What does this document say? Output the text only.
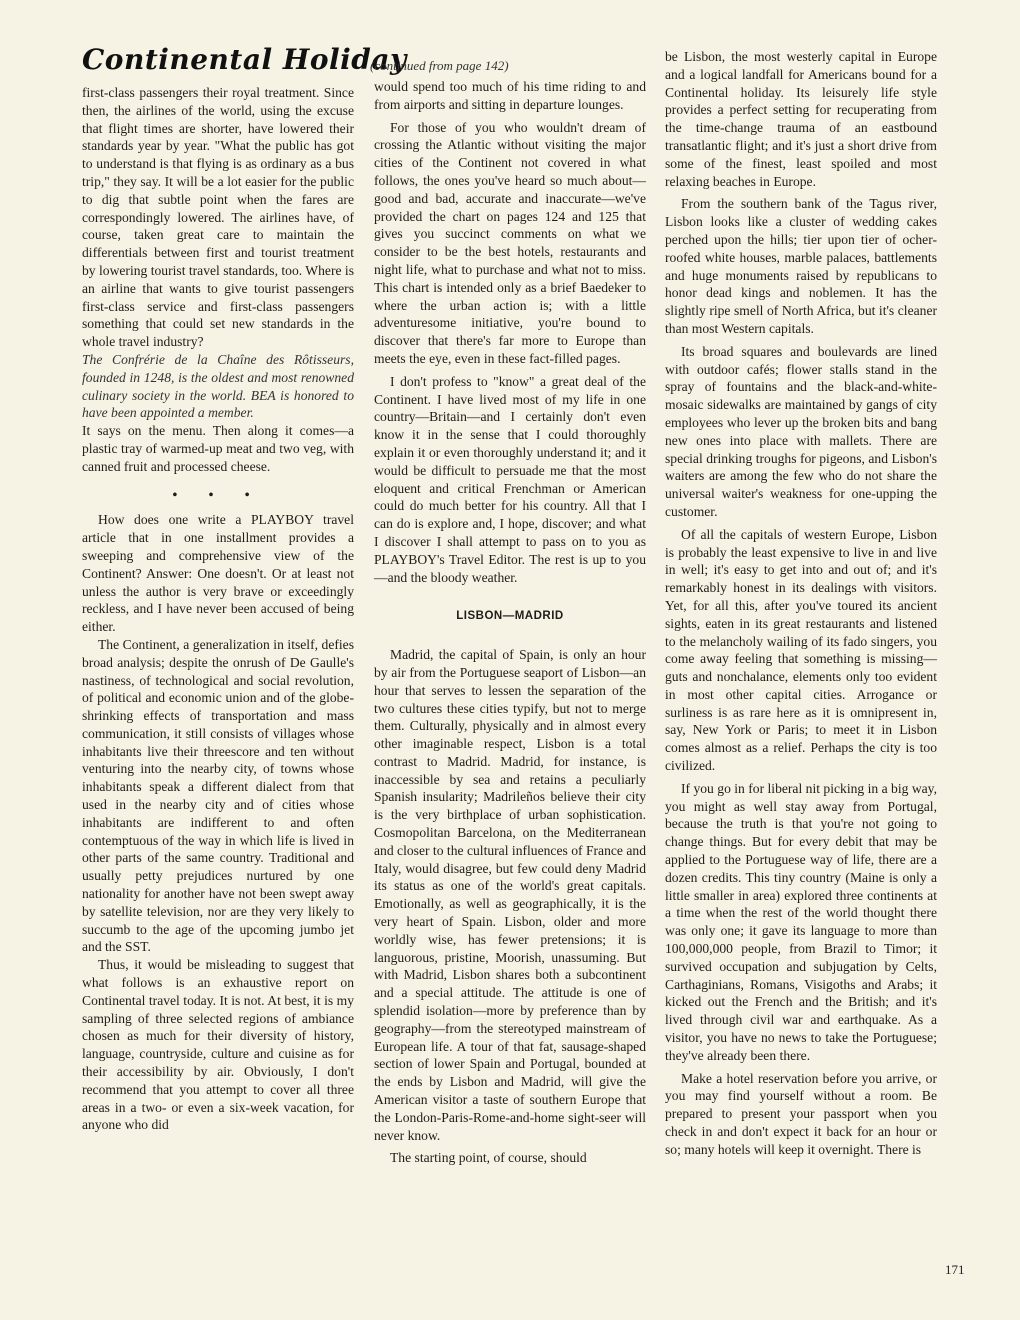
Continental Holiday
(continued from page 142)

first-class passengers their royal treatment. Since then, the airlines of the world, using the excuse that flight times are shorter, have lowered their standards year by year. "What the public has got to understand is that flying is as ordinary as a bus trip," they say. It will be a lot easier for the public to dig that subtle point when the fares are correspondingly lowered. The airlines have, of course, taken great care to maintain the differentials between first and tourist treatment by lowering tourist travel standards, too. Where is an airline that wants to give tourist passengers first-class service and first-class passengers something that could set new standards in the whole travel industry?

The Confrérie de la Chaîne des Rôtisseurs, founded in 1248, is the oldest and most renowned culinary society in the world. BEA is honored to have been appointed a member.

It says on the menu. Then along it comes—a plastic tray of warmed-up meat and two veg, with canned fruit and processed cheese.

• • •

How does one write a PLAYBOY travel article that in one installment provides a sweeping and comprehensive view of the Continent? Answer: One doesn't. Or at least not unless the author is very brave or exceedingly reckless, and I have never been accused of being either.

The Continent, a generalization in itself, defies broad analysis; despite the onrush of De Gaulle's nastiness, of technological and social revolution, of political and economic union and of the globe-shrinking effects of transportation and mass communication, it still consists of villages whose inhabitants live their threescore and ten without venturing into the nearby city, of towns whose inhabitants speak a different dialect from that used in the nearby city and of cities whose inhabitants are indifferent to and often contemptuous of the way in which life is lived in other parts of the same country. Traditional and usually petty prejudices nurtured by one nationality for another have not been swept away by satellite television, nor are they very likely to succumb to the age of the upcoming jumbo jet and the SST.

Thus, it would be misleading to suggest that what follows is an exhaustive report on Continental travel today. It is not. At best, it is my sampling of three selected regions of ambiance chosen as much for their diversity of history, language, countryside, culture and cuisine as for their accessibility by air. Obviously, I don't recommend that you attempt to cover all three areas in a two- or even a six-week vacation, for anyone who did

would spend too much of his time riding to and from airports and sitting in departure lounges.

For those of you who wouldn't dream of crossing the Atlantic without visiting the major cities of the Continent not covered in what follows, the ones you've heard so much about—good and bad, accurate and inaccurate—we've provided the chart on pages 124 and 125 that gives you succinct comments on what we consider to be the best hotels, restaurants and night life, what to purchase and what not to miss. This chart is intended only as a brief Baedeker to where the urban action is; with a little adventuresome initiative, you're bound to discover that there's far more to Europe than meets the eye, even in these fact-filled pages.

I don't profess to "know" a great deal of the Continent. I have lived most of my life in one country—Britain—and I certainly don't even know it in the sense that I could thoroughly explain it or even thoroughly understand it; and it would be difficult to persuade me that the most eloquent and critical Frenchman or American could do much better for his country. All that I can do is explore and, I hope, discover; and what I discover I shall attempt to pass on to you as PLAYBOY's Travel Editor. The rest is up to you—and the bloody weather.

LISBON—MADRID

Madrid, the capital of Spain, is only an hour by air from the Portuguese seaport of Lisbon—an hour that serves to lessen the separation of the two cultures these cities typify, but not to merge them. Culturally, physically and in almost every other imaginable respect, Lisbon is a total contrast to Madrid. Madrid, for instance, is inaccessible by sea and retains a peculiarly Spanish insularity; Madrileños believe their city is the very birthplace of urban sophistication. Cosmopolitan Barcelona, on the Mediterranean and closer to the cultural influences of France and Italy, would disagree, but few could deny Madrid its status as one of the world's great capitals. Emotionally, as well as geographically, it is the very heart of Spain. Lisbon, older and more worldly wise, has fewer pretensions; it is languorous, pristine, Moorish, unassuming. But with Madrid, Lisbon shares both a subcontinent and a special attitude. The attitude is one of splendid isolation—more by preference than by geography—from the stereotyped mainstream of European life. A tour of that fat, sausage-shaped section of lower Spain and Portugal, bounded at the ends by Lisbon and Madrid, will give the American visitor a taste of southern Europe that the London-Paris-Rome-and-home sight-seer will never know.

The starting point, of course, should

be Lisbon, the most westerly capital in Europe and a logical landfall for Americans bound for a Continental holiday. Its leisurely life style provides a perfect setting for recuperating from the time-change trauma of an eastbound transatlantic flight; and it's just a short drive from some of the finest, least spoiled and most relaxing beaches in Europe.

From the southern bank of the Tagus river, Lisbon looks like a cluster of wedding cakes perched upon the hills; tier upon tier of ocher-roofed white houses, marble palaces, battlements and huge monuments raised by republicans to honor dead kings and noblemen. It has the slightly ripe smell of North Africa, but it's cleaner than most Western capitals.

Its broad squares and boulevards are lined with outdoor cafés; flower stalls stand in the spray of fountains and the black-and-white-mosaic sidewalks are maintained by gangs of city employees who lever up the broken bits and bang new ones into place with mallets. There are special drinking troughs for pigeons, and Lisbon's waiters are among the few who do not share the universal waiter's weakness for one-upping the customer.

Of all the capitals of western Europe, Lisbon is probably the least expensive to live in and live in well; it's easy to get into and out of; and it's remarkably honest in its dealings with visitors. Yet, for all this, after you've toured its ancient sights, eaten in its great restaurants and listened to the melancholy wailing of its fado singers, you come away feeling that something is missing—guts and nonchalance, elements only too evident in most other capital cities. Arrogance or surliness is as rare here as it is omnipresent in, say, New York or Paris; to meet it in Lisbon comes almost as a relief. Perhaps the city is too civilized.

If you go in for liberal nit picking in a big way, you might as well stay away from Portugal, because the truth is that you're not going to change things. But for every debit that may be applied to the Portuguese way of life, there are a dozen credits. This tiny country (Maine is only a little smaller in area) explored three continents at a time when the rest of the world thought there was only one; it gave its language to more than 100,000,000 people, from Brazil to Timor; it survived occupation and subjugation by Celts, Carthaginians, Romans, Visigoths and Arabs; it kicked out the French and the British; and it's lived through civil war and earthquake. As a visitor, you have no news to take the Portuguese; they've already been there.

Make a hotel reservation before you arrive, or you may find yourself without a room. Be prepared to present your passport when you check in and don't expect it back for an hour or so; many hotels will keep it overnight. There is

171
